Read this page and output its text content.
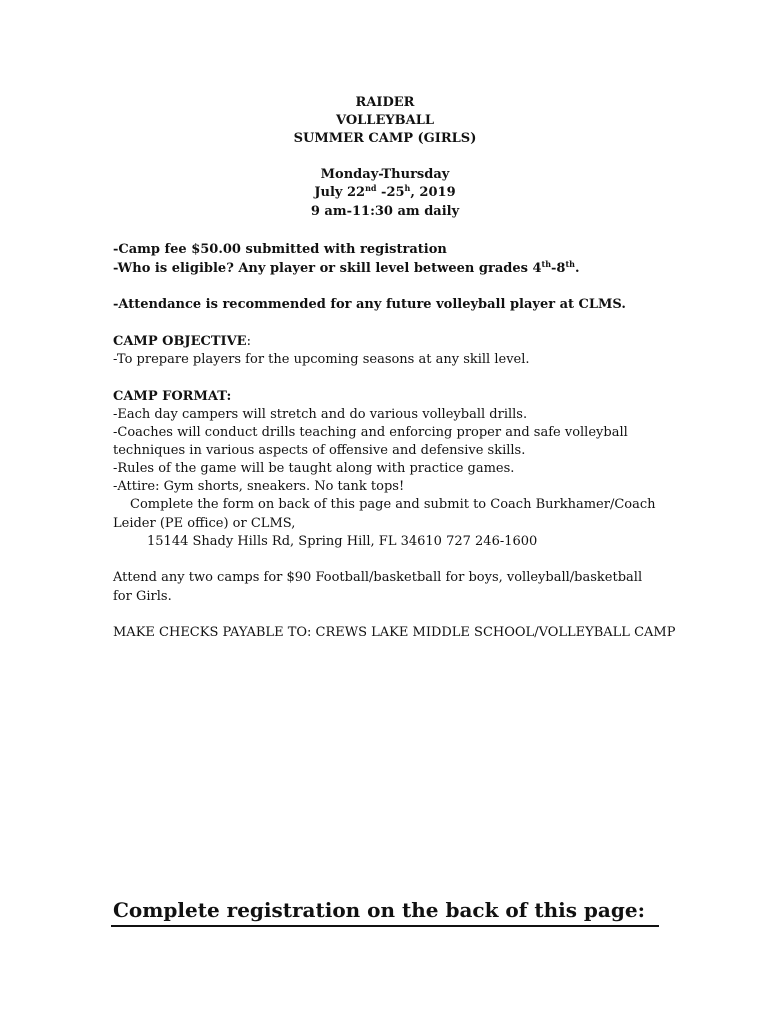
RAIDER
VOLLEYBALL
SUMMER CAMP (GIRLS)
Monday-Thursday
July 22nd -25$^h$, 2019
9 am-11:30 am daily
-Camp fee $50.00 submitted with registration
-Who is eligible? Any player or skill level between grades 4th-8th.
-Attendance is recommended for any future volleyball player at CLMS.
CAMP OBJECTIVE:
-To prepare players for the upcoming seasons at any skill level.
CAMP FORMAT:
-Each day campers will stretch and do various volleyball drills.
-Coaches will conduct drills teaching and enforcing proper and safe volleyball
techniques in various aspects of offensive and defensive skills.
-Rules of the game will be taught along with practice games.
-Attire: Gym shorts, sneakers. No tank tops!
Complete the form on back of this page and submit to Coach Burkhamer/Coach
Leider (PE office) or CLMS,
15144 Shady Hills Rd, Spring Hill, FL 34610 727 246-1600
Attend any two camps for $90 Football/basketball for boys, volleyball/basketball
for Girls.
MAKE CHECKS PAYABLE TO: CREWS LAKE MIDDLE SCHOOL/VOLLEYBALL CAMP
Complete registration on the back of this page:
